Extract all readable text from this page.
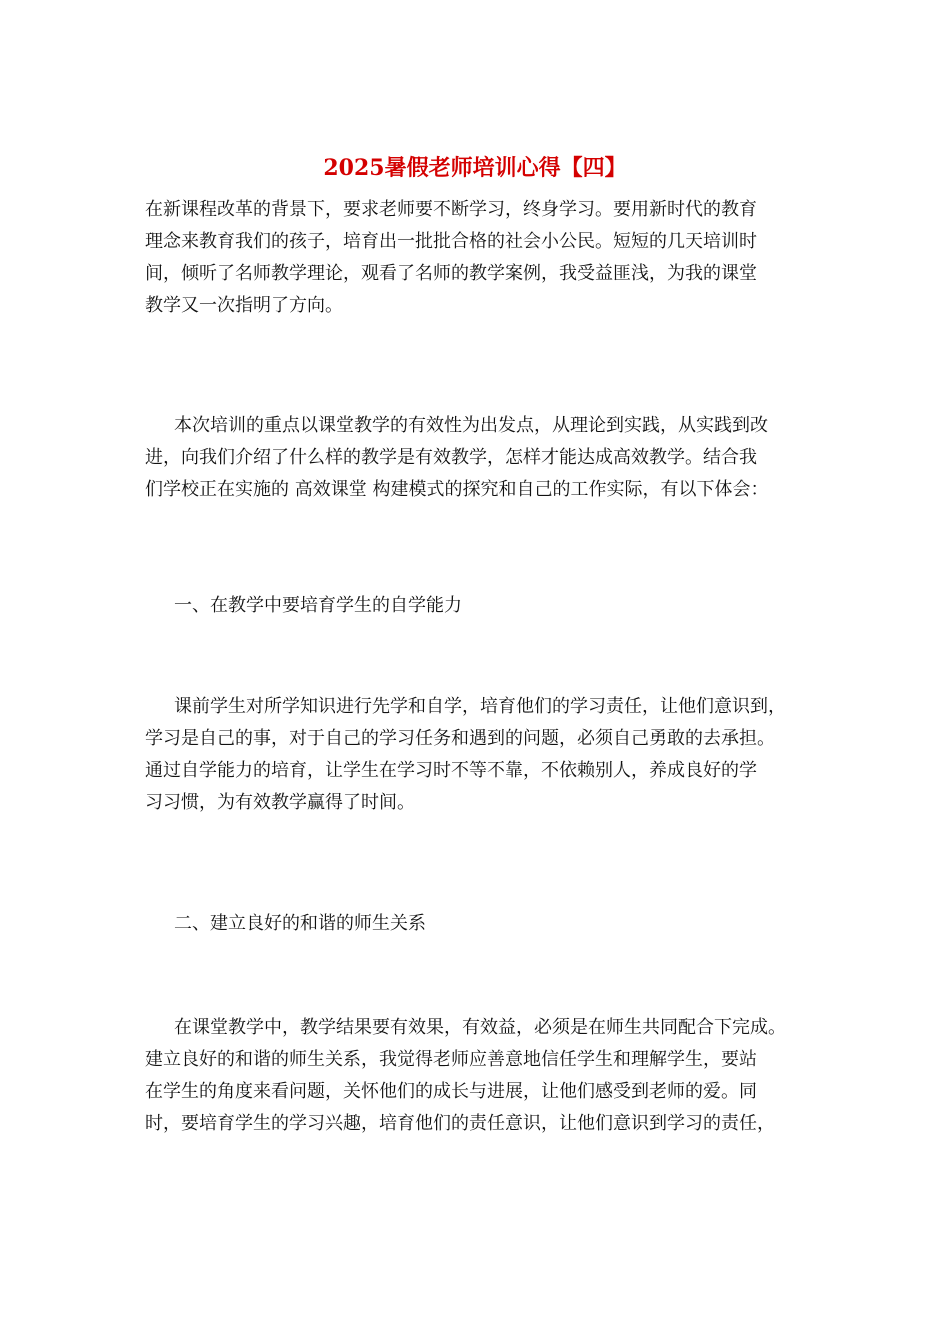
2025暑假老师培训心得【四】
在新课程改革的背景下，要求老师要不断学习，终身学习。要用新时代的教育
理念来教育我们的孩子，培育出一批批合格的社会小公民。短短的几天培训时
间，倾听了名师教学理论，观看了名师的教学案例，我受益匪浅，为我的课堂
教学又一次指明了方向。
本次培训的重点以课堂教学的有效性为出发点，从理论到实践，从实践到改
进，向我们介绍了什么样的教学是有效教学，怎样才能达成高效教学。结合我
们学校正在实施的 高效课堂 构建模式的探究和自己的工作实际，有以下体会：
一、在教学中要培育学生的自学能力
课前学生对所学知识进行先学和自学，培育他们的学习责任，让他们意识到，
学习是自己的事，对于自己的学习任务和遇到的问题，必须自己勇敢的去承担。
通过自学能力的培育，让学生在学习时不等不靠，不依赖别人，养成良好的学
习习惯，为有效教学赢得了时间。
二、建立良好的和谐的师生关系
在课堂教学中，教学结果要有效果，有效益，必须是在师生共同配合下完成。
建立良好的和谐的师生关系，我觉得老师应善意地信任学生和理解学生，要站
在学生的角度来看问题，关怀他们的成长与进展，让他们感受到老师的爱。同
时，要培育学生的学习兴趣，培育他们的责任意识，让他们意识到学习的责任，
